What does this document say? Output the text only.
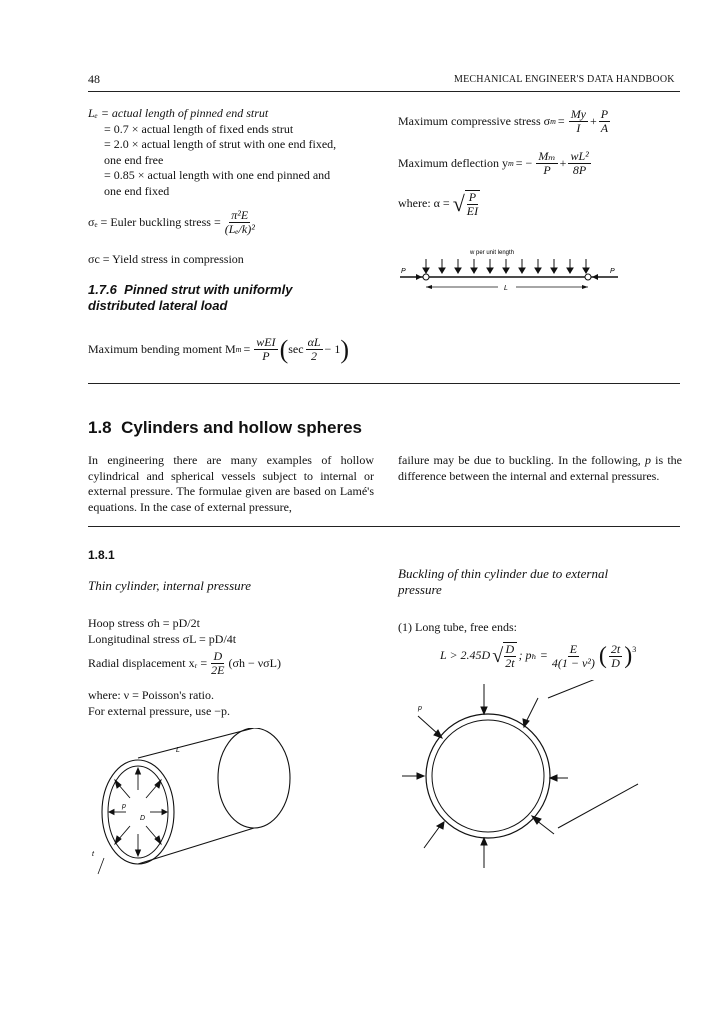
48	MECHANICAL ENGINEER'S DATA HANDBOOK
Lₑ = actual length of pinned end strut
= 0.7 × actual length of fixed ends strut
= 2.0 × actual length of strut with one end fixed,
one end free
= 0.85 × actual length with one end pinned and
one end fixed
σₑ = Euler buckling stress = $\frac{\text{π²E}}{\text{(Lₑ/k)²}}$
σc = Yield stress in compression
1.7.6 Pinned strut with uniformly
distributed lateral load
Maximum bending moment M $m = \frac{\text{wEI}}{P}$ ( $\sec \frac{\alpha L}{2} - 1$ )
Maximum compressive stress σ $m = \frac{My}{I} + \frac{P}{A}$
Maximum deflection y m = − $\frac{\text{Mₘ}}{P} + \frac{\text{wL²}}{8P}$
where: α = √ $\frac{P}{EI}$
w per unit length
P	P
L
1.8 Cylinders and hollow spheres
In engineering there are many examples of hollow cylindrical and spherical vessels subject to internal or external pressure. The formulae given are based on Lamé's equations. In the case of external pressure,
failure may be due to buckling. In the following, p is the difference between the internal and external pressures.
1.8.1
Thin cylinder, internal pressure
Hoop stress σh = pD/2t
Longitudinal stress σL = pD/4t
Radial displacement xᵣ = $\frac{D}{2E} (\sigma h - \nu\sigma L)$
where: ν = Poisson's ratio.
For external pressure, use −p.
L
p
D
t
Buckling of thin cylinder due to external
pressure
(1) Long tube, free ends:
L > 2.45D √ $\frac{D}{2t}$ ; $p_h = \frac{E}{\text{4(1 − ν²)}}$ ( $\frac{2t}{D} )^3$
p
